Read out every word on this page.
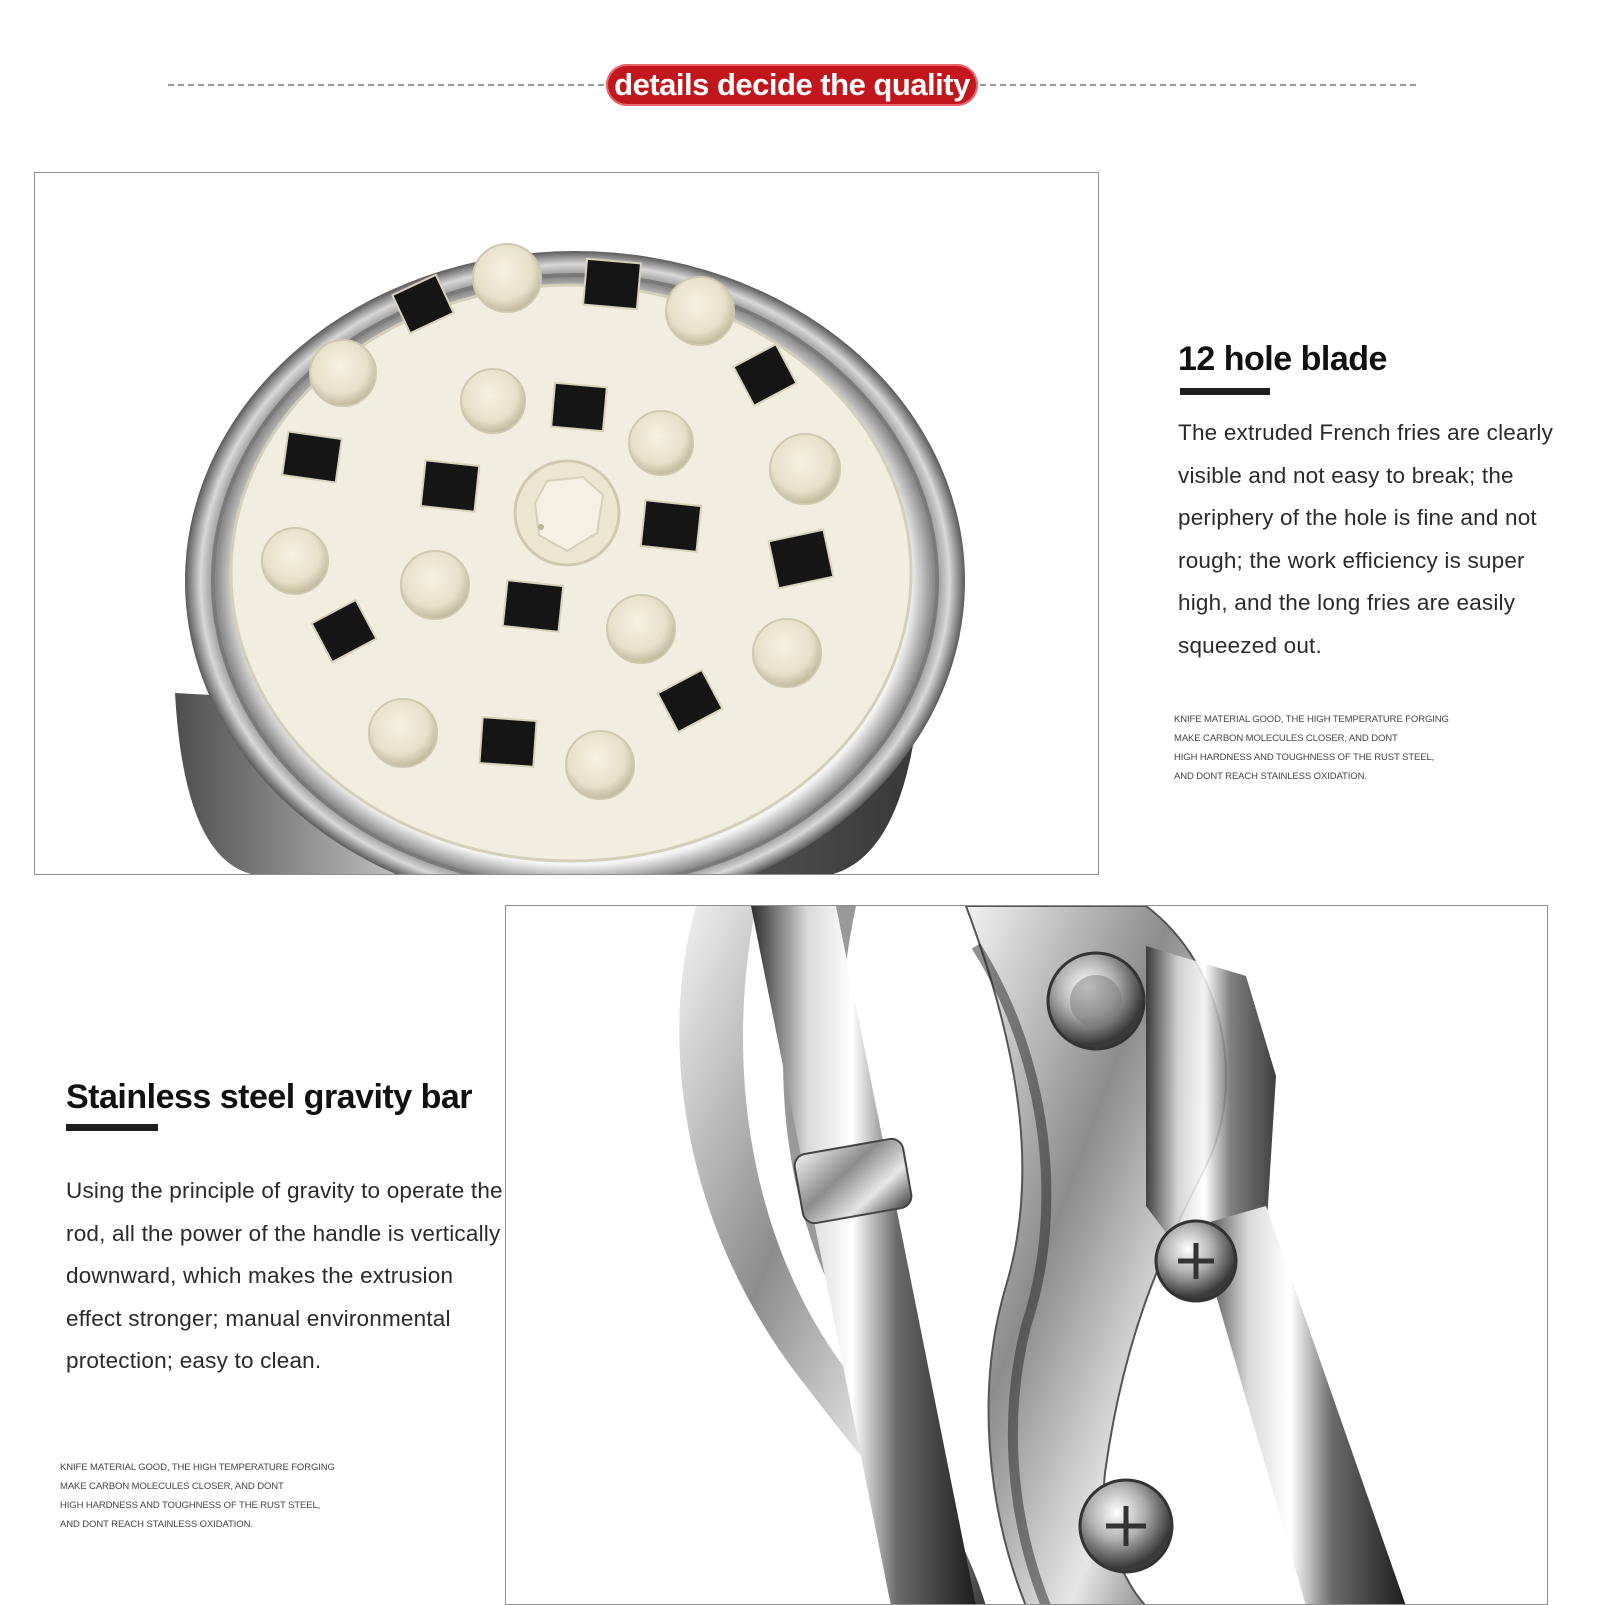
details decide the quality
12 hole blade
The extruded French fries are clearly visible and not easy to break; the periphery of the hole is fine and not rough; the work efficiency is super high, and the long fries are easily squeezed out.
KNIFE MATERIAL GOOD, THE HIGH TEMPERATURE FORGING
MAKE CARBON MOLECULES CLOSER, AND DONT
HIGH HARDNESS AND TOUGHNESS OF THE RUST STEEL,
AND DONT REACH STAINLESS OXIDATION.
Stainless steel gravity bar
Using the principle of gravity to operate the rod, all the power of the handle is vertically downward, which makes the extrusion effect stronger; manual environmental protection; easy to clean.
KNIFE MATERIAL GOOD, THE HIGH TEMPERATURE FORGING
MAKE CARBON MOLECULES CLOSER, AND DONT
HIGH HARDNESS AND TOUGHNESS OF THE RUST STEEL,
AND DONT REACH STAINLESS OXIDATION.
